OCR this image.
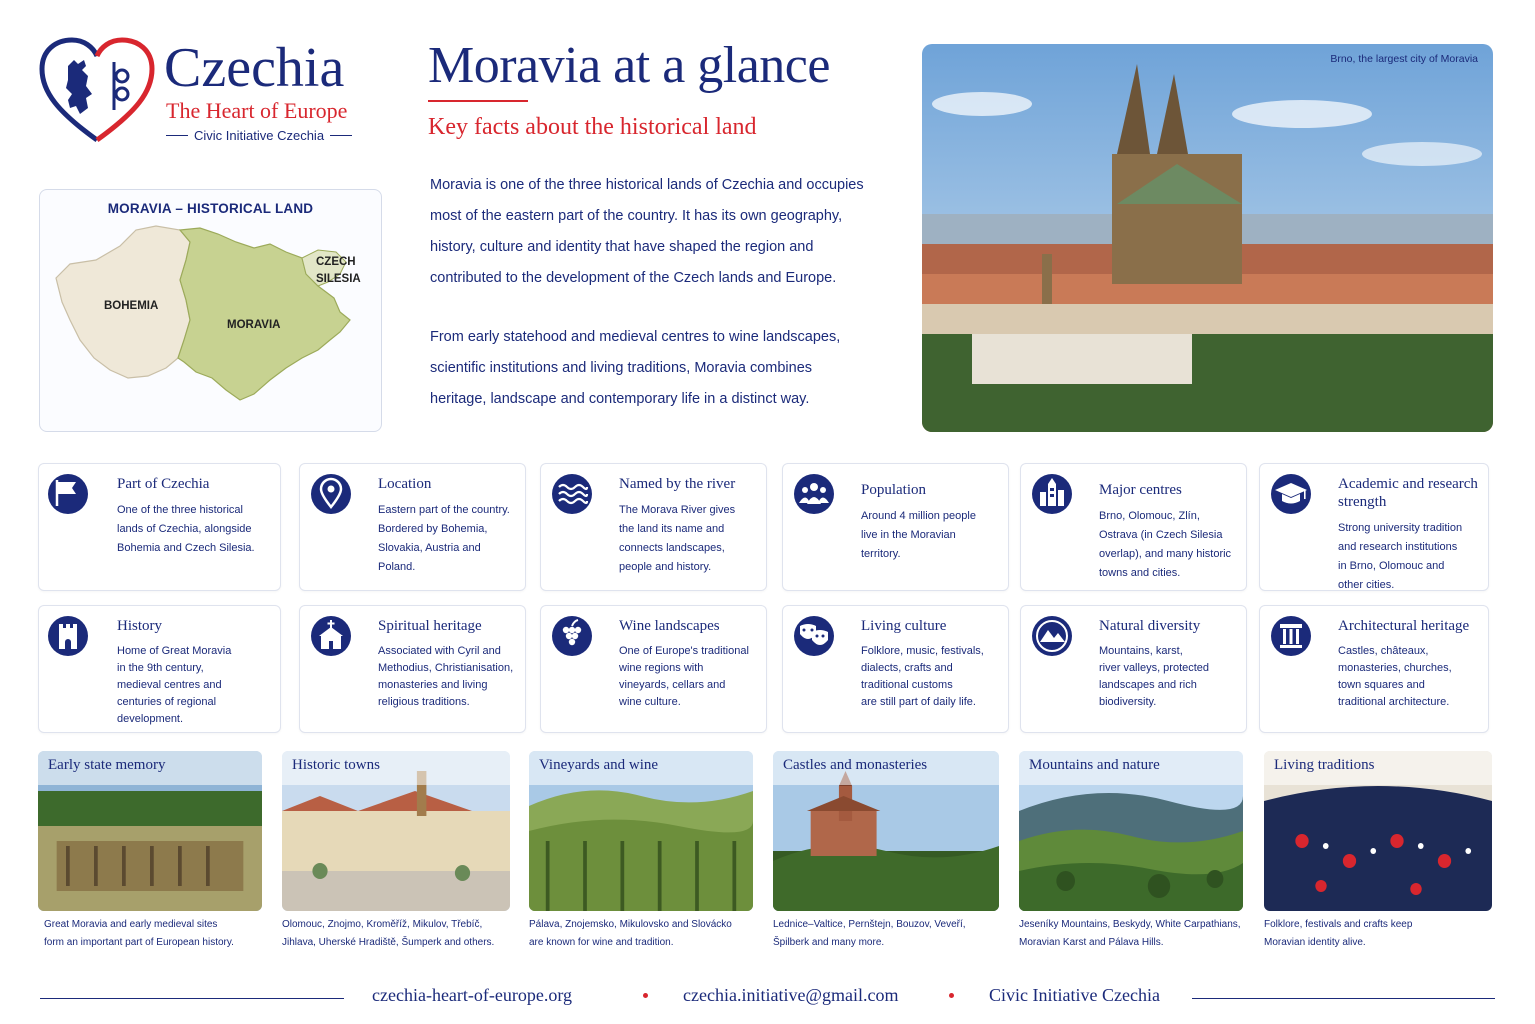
Czechia
The Heart of Europe
Civic Initiative Czechia
Moravia at a glance
Key facts about the historical land
Moravia is one of the three historical lands of Czechia and occupies
most of the eastern part of the country. It has its own geography,
history, culture and identity that have shaped the region and
contributed to the development of the Czech lands and Europe.
From early statehood and medieval centres to wine landscapes,
scientific institutions and living traditions, Moravia combines
heritage, landscape and contemporary life in a distinct way.
MORAVIA – HISTORICAL LAND
BOHEMIA
MORAVIA
CZECH
SILESIA
Brno, the largest city of Moravia
Part of Czechia
One of the three historical
lands of Czechia, alongside
Bohemia and Czech Silesia.
Location
Eastern part of the country.
Bordered by Bohemia,
Slovakia, Austria and
Poland.
Named by the river
The Morava River gives
the land its name and
connects landscapes,
people and history.
Population
Around 4 million people
live in the Moravian
territory.
Major centres
Brno, Olomouc, Zlín,
Ostrava (in Czech Silesia
overlap), and many historic
towns and cities.
Academic and research
strength
Strong university tradition
and research institutions
in Brno, Olomouc and
other cities.
History
Home of Great Moravia
in the 9th century,
medieval centres and
centuries of regional
development.
Spiritual heritage
Associated with Cyril and
Methodius, Christianisation,
monasteries and living
religious traditions.
Wine landscapes
One of Europe's traditional
wine regions with
vineyards, cellars and
wine culture.
Living culture
Folklore, music, festivals,
dialects, crafts and
traditional customs
are still part of daily life.
Natural diversity
Mountains, karst,
river valleys, protected
landscapes and rich
biodiversity.
Architectural heritage
Castles, châteaux,
monasteries, churches,
town squares and
traditional architecture.
Early state memory
Great Moravia and early medieval sites
form an important part of European history.
Historic towns
Olomouc, Znojmo, Kroměříž, Mikulov, Třebíč,
Jihlava, Uherské Hradiště, Šumperk and others.
Vineyards and wine
Pálava, Znojemsko, Mikulovsko and Slovácko
are known for wine and tradition.
Castles and monasteries
Lednice–Valtice, Pernštejn, Bouzov, Veveří,
Špilberk and many more.
Mountains and nature
Jeseníky Mountains, Beskydy, White Carpathians,
Moravian Karst and Pálava Hills.
Living traditions
Folklore, festivals and crafts keep
Moravian identity alive.
czechia-heart-of-europe.org	czechia.initiative@gmail.com	Civic Initiative Czechia
